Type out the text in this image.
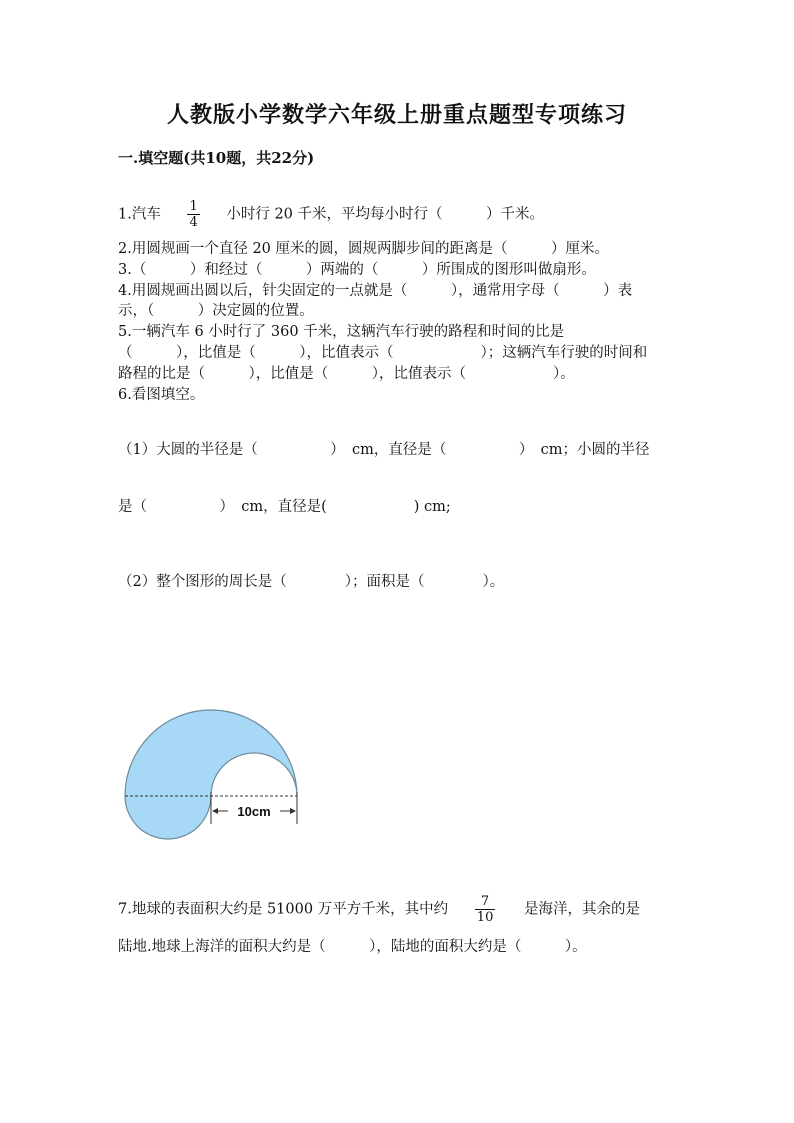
人教版小学数学六年级上册重点题型专项练习
一.填空题(共10题，共22分)
1.汽车 $\frac{1}{4}$ 小时行 20 千米，平均每小时行（　　　）千米。
2.用圆规画一个直径 20 厘米的圆，圆规两脚步间的距离是（　　　）厘米。
3.（　　　）和经过（　　　）两端的（　　　）所围成的图形叫做扇形。
4.用圆规画出圆以后，针尖固定的一点就是（　　　），通常用字母（　　　）表
示，（　　　）决定圆的位置。
5.一辆汽车 6 小时行了 360 千米，这辆汽车行驶的路程和时间的比是
（　　　），比值是（　　　），比值表示（　　　　　　）；这辆汽车行驶的时间和
路程的比是（　　　），比值是（　　　），比值表示（　　　　　　）。
6.看图填空。
（1）大圆的半径是（　　　　　）　cm，直径是（　　　　　）　cm；小圆的半径
是（　　　　　）　cm，直径是(　　　　　　) cm;
（2）整个图形的周长是（　　　　）；面积是（　　　　）。
10cm
7.地球的表面积大约是 51000 万平方千米，其中约 $\frac{7}{10}$ 是海洋，其余的是
陆地.地球上海洋的面积大约是（　　　），陆地的面积大约是（　　　）。
